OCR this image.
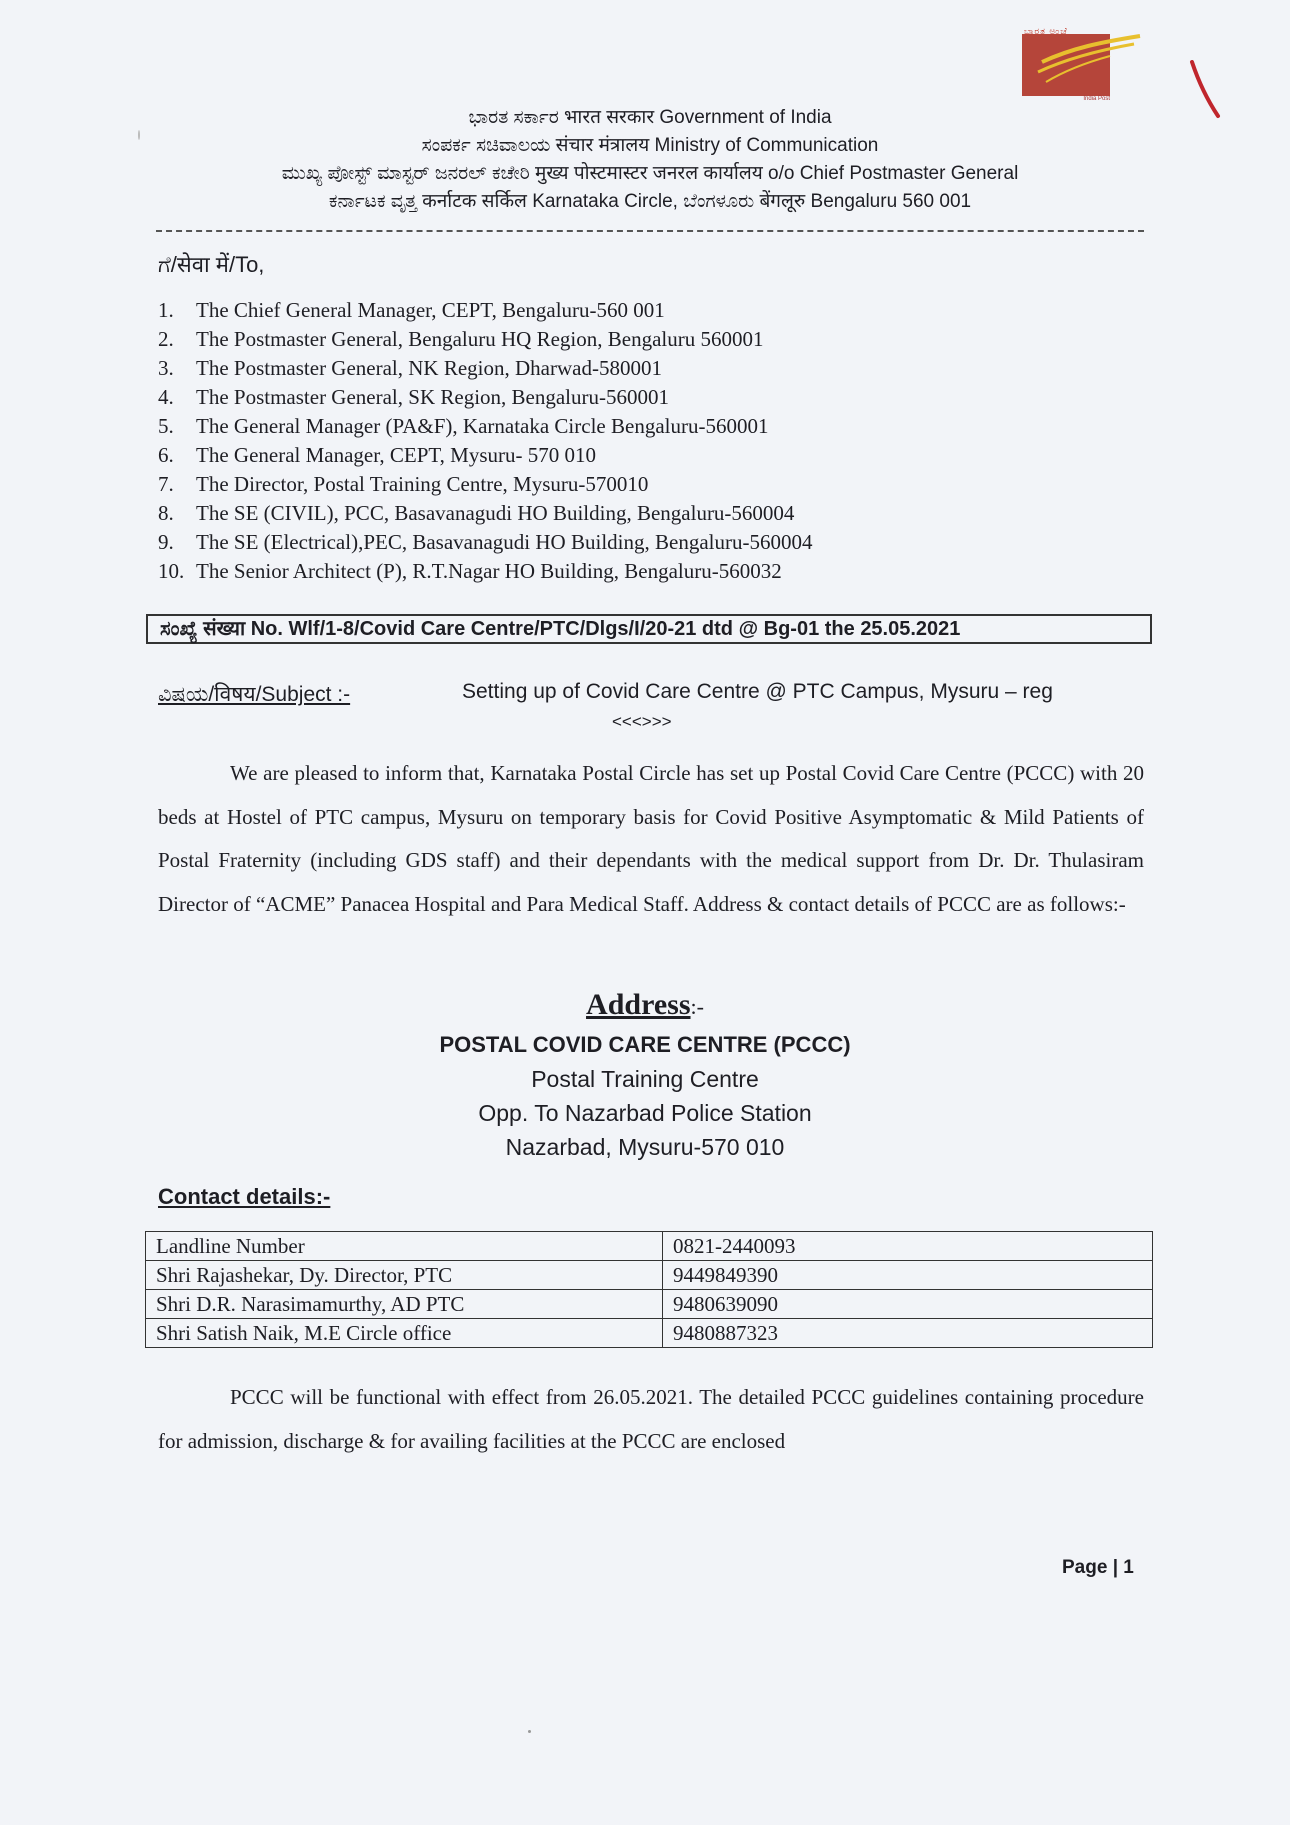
ಭಾರತ ಅಂಚೆ
India Post
ಭಾರತ ಸರ್ಕಾರ भारत सरकार Government of India
ಸಂಪರ್ಕ ಸಚಿವಾಲಯ संचार मंत्रालय Ministry of Communication
ಮುಖ್ಯ ಪೋಸ್ಟ್ ಮಾಸ್ಟರ್ ಜನರಲ್ ಕಚೇರಿ मुख्य पोस्टमास्टर जनरल कार्यालय o/o Chief Postmaster General
ಕರ್ನಾಟಕ ವೃತ್ತ कर्नाटक सर्किल Karnataka Circle, ಬೆಂಗಳೂರು बेंगलूरु Bengaluru 560 001
ಗೆ/सेवा में/To,
1. The Chief General Manager, CEPT, Bengaluru-560 001
2. The Postmaster General, Bengaluru HQ Region, Bengaluru 560001
3. The Postmaster General, NK Region, Dharwad-580001
4. The Postmaster General, SK Region, Bengaluru-560001
5. The General Manager (PA&F), Karnataka Circle Bengaluru-560001
6. The General Manager, CEPT, Mysuru- 570 010
7. The Director, Postal Training Centre, Mysuru-570010
8. The SE (CIVIL), PCC, Basavanagudi HO Building, Bengaluru-560004
9. The SE (Electrical),PEC, Basavanagudi HO Building, Bengaluru-560004
10. The Senior Architect (P), R.T.Nagar HO Building, Bengaluru-560032
ಸಂಖ್ಯೆ संख्या No. Wlf/1-8/Covid Care Centre/PTC/Dlgs/I/20-21 dtd @ Bg-01 the 25.05.2021
ವಿಷಯ/विषय/Subject :-	Setting up of Covid Care Centre @ PTC Campus, Mysuru – reg
<<<>>>

We are pleased to inform that, Karnataka Postal Circle has set up Postal Covid Care Centre (PCCC) with 20 beds at Hostel of PTC campus, Mysuru on temporary basis for Covid Positive Asymptomatic & Mild Patients of Postal Fraternity (including GDS staff) and their dependants with the medical support from Dr. Dr. Thulasiram Director of “ACME” Panacea Hospital and Para Medical Staff. Address & contact details of PCCC are as follows:-

Address:-
POSTAL COVID CARE CENTRE (PCCC)
Postal Training Centre
Opp. To Nazarbad Police Station
Nazarbad, Mysuru-570 010
Contact details:-
Landline Number	0821-2440093
Shri Rajashekar, Dy. Director, PTC	9449849390
Shri D.R. Narasimamurthy, AD PTC	9480639090
Shri Satish Naik, M.E Circle office	9480887323

PCCC will be functional with effect from 26.05.2021. The detailed PCCC guidelines containing procedure for admission, discharge & for availing facilities at the PCCC are enclosed

Page | 1
